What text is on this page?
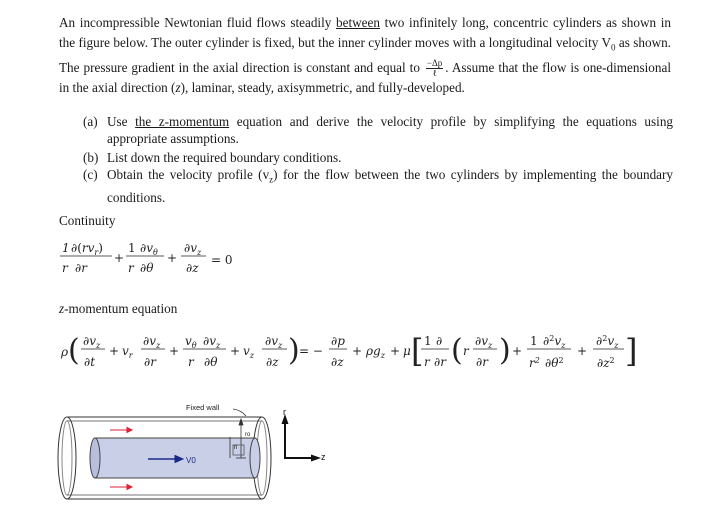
An incompressible Newtonian fluid flows steadily between two infinitely long, concentric cylinders as shown in the figure below. The outer cylinder is fixed, but the inner cylinder moves with a longitudinal velocity $V_0$ as shown. The pressure gradient in the axial direction is constant and equal to $\frac{-\Delta p}{\text{ℓ}}$ . Assume that the flow is one-dimensional in the axial direction (z), laminar, steady, axisymmetric, and fully-developed.

(a) Use the z-momentum equation and derive the velocity profile by simplifying the equations using appropriate assumptions.
(b) List down the required boundary conditions.
(c) Obtain the velocity profile $(v_z)$ for the flow between the two cylinders by implementing the boundary conditions.

Continuity

1 $\partial(rv_r)$
r ∂r
+
1 $\partial v_\theta$
r ∂θ
+
$\partial v_z$
∂z
= 0

z-momentum equation

ρ ( $\partial v_z$
∂t
+ $v_r$
$\partial v_z$
∂r
+
$v_\theta$ $\partial v_z$
r ∂θ
+ $v_z$
$\partial v_z$
∂z ) = −
∂p
∂z
+ $\rho g_z + \mu$ [ 1 ∂
r ∂r ( r
$\partial v_z$
∂r ) +
1 $\partial^2v_z$
$r^2$ $\partial\theta^2$
+
$\partial^2v_z$
$\partial z^2$ ]
Fixed wall
V0
r
z
ro
ri
